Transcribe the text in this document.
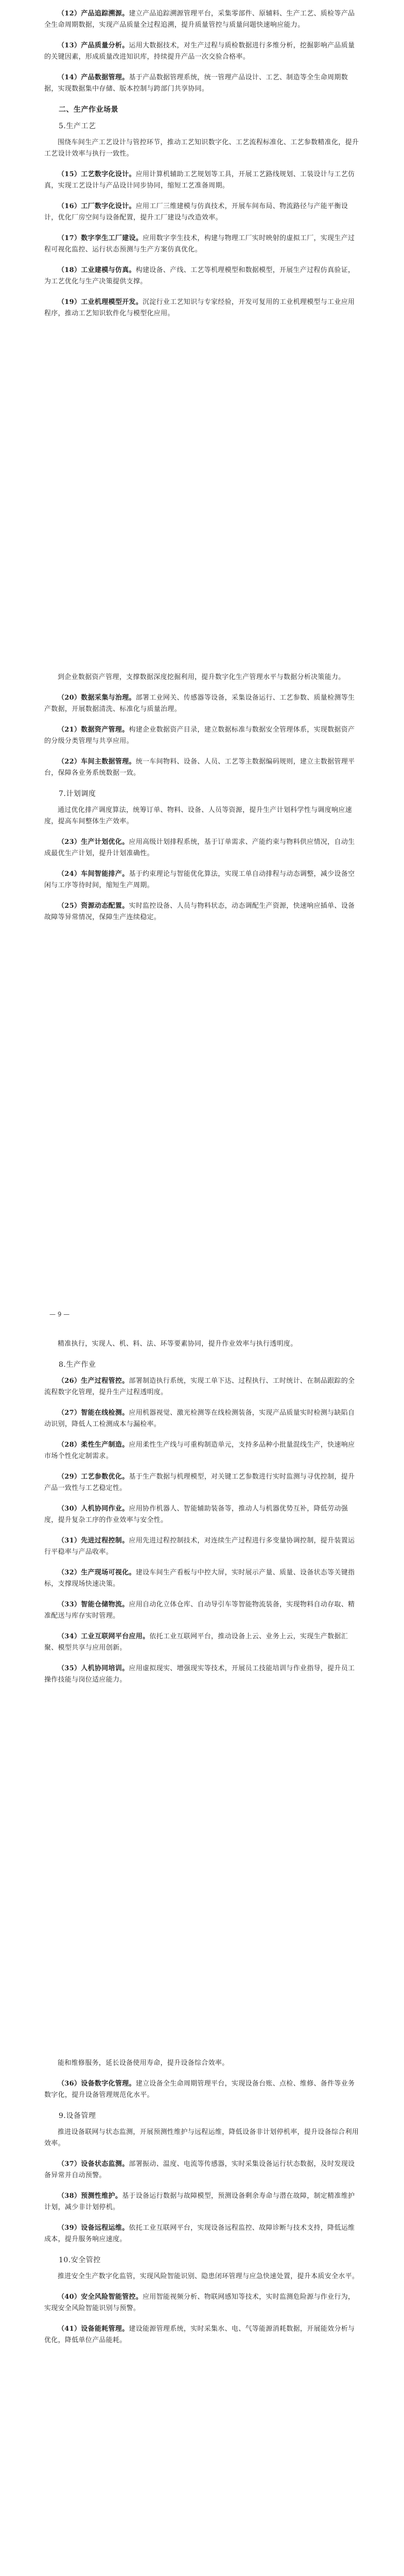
（12）产品追踪溯源。建立产品追踪溯源管理平台，采集零部件、原辅料、生产工艺、质检等产品全生命周期数据，实现产品质量全过程追溯，提升质量管控与质量问题快速响应能力。

（13）产品质量分析。运用大数据技术，对生产过程与质检数据进行多维分析，挖掘影响产品质量的关键因素，形成质量改进知识库，持续提升产品一次交验合格率。

（14）产品数据管理。基于产品数据管理系统，统一管理产品设计、工艺、制造等全生命周期数据，实现数据集中存储、版本控制与跨部门共享协同。

二、生产作业场景
5.生产工艺

围绕车间生产工艺设计与管控环节，推动工艺知识数字化、工艺流程标准化、工艺参数精准化，提升工艺设计效率与执行一致性。

（15）工艺数字化设计。应用计算机辅助工艺规划等工具，开展工艺路线规划、工装设计与工艺仿真，实现工艺设计与产品设计同步协同，缩短工艺准备周期。

（16）工厂数字化设计。应用工厂三维建模与仿真技术，开展车间布局、物流路径与产能平衡设计，优化厂房空间与设备配置，提升工厂建设与改造效率。

（17）数字孪生工厂建设。应用数字孪生技术，构建与物理工厂实时映射的虚拟工厂，实现生产过程可视化监控、运行状态预测与生产方案仿真优化。

（18）工业建模与仿真。构建设备、产线、工艺等机理模型和数据模型，开展生产过程仿真验证，为工艺优化与生产决策提供支撑。

（19）工业机理模型开发。沉淀行业工艺知识与专家经验，开发可复用的工业机理模型与工业应用程序，推动工艺知识软件化与模型化应用。

到企业数据资产管理，支撑数据深度挖掘利用，提升数字化生产管理水平与数据分析决策能力。

（20）数据采集与治理。部署工业网关、传感器等设备，采集设备运行、工艺参数、质量检测等生产数据，开展数据清洗、标准化与质量治理。

（21）数据资产管理。构建企业数据资产目录，建立数据标准与数据安全管理体系，实现数据资产的分级分类管理与共享应用。

（22）车间主数据管理。统一车间物料、设备、人员、工艺等主数据编码规则，建立主数据管理平台，保障各业务系统数据一致。

7.计划调度

通过优化排产调度算法，统筹订单、物料、设备、人员等资源，提升生产计划科学性与调度响应速度，提高车间整体生产效率。

（23）生产计划优化。应用高级计划排程系统，基于订单需求、产能约束与物料供应情况，自动生成最优生产计划，提升计划准确性。

（24）车间智能排产。基于约束理论与智能优化算法，实现工单自动排程与动态调整，减少设备空闲与工序等待时间，缩短生产周期。

（25）资源动态配置。实时监控设备、人员与物料状态，动态调配生产资源，快速响应插单、设备故障等异常情况，保障生产连续稳定。

— 9 —

精准执行，实现人、机、料、法、环等要素协同，提升作业效率与执行透明度。

8.生产作业

（26）生产过程管控。部署制造执行系统，实现工单下达、过程执行、工时统计、在制品跟踪的全流程数字化管理，提升生产过程透明度。

（27）智能在线检测。应用机器视觉、激光检测等在线检测装备，实现产品质量实时检测与缺陷自动识别，降低人工检测成本与漏检率。

（28）柔性生产制造。应用柔性生产线与可重构制造单元，支持多品种小批量混线生产，快速响应市场个性化定制需求。

（29）工艺参数优化。基于生产数据与机理模型，对关键工艺参数进行实时监测与寻优控制，提升产品一致性与工艺稳定性。

（30）人机协同作业。应用协作机器人、智能辅助装备等，推动人与机器优势互补，降低劳动强度，提升复杂工序的作业效率与安全性。

（31）先进过程控制。应用先进过程控制技术，对连续生产过程进行多变量协调控制，提升装置运行平稳率与产品收率。

（32）生产现场可视化。建设车间生产看板与中控大屏，实时展示产量、质量、设备状态等关键指标，支撑现场快速决策。

（33）智能仓储物流。应用自动化立体仓库、自动导引车等智能物流装备，实现物料自动存取、精准配送与库存实时管理。

（34）工业互联网平台应用。依托工业互联网平台，推动设备上云、业务上云，实现生产数据汇聚、模型共享与应用创新。

（35）人机协同培训。应用虚拟现实、增强现实等技术，开展员工技能培训与作业指导，提升员工操作技能与岗位适应能力。

能和维修服务，延长设备使用寿命，提升设备综合效率。

（36）设备数字化管理。建立设备全生命周期管理平台，实现设备台账、点检、维修、备件等业务数字化，提升设备管理规范化水平。

9.设备管理

推进设备联网与状态监测，开展预测性维护与远程运维，降低设备非计划停机率，提升设备综合利用效率。

（37）设备状态监测。部署振动、温度、电流等传感器，实时采集设备运行状态数据，及时发现设备异常并自动预警。

（38）预测性维护。基于设备运行数据与故障模型，预测设备剩余寿命与潜在故障，制定精准维护计划，减少非计划停机。

（39）设备远程运维。依托工业互联网平台，实现设备远程监控、故障诊断与技术支持，降低运维成本，提升服务响应速度。

10.安全管控

推进安全生产数字化监管，实现风险智能识别、隐患闭环管理与应急快速处置，提升本质安全水平。

（40）安全风险智能管控。应用智能视频分析、物联网感知等技术，实时监测危险源与作业行为，实现安全风险智能识别与预警。

（41）设备能耗管理。建设能源管理系统，实时采集水、电、气等能源消耗数据，开展能效分析与优化，降低单位产品能耗。
